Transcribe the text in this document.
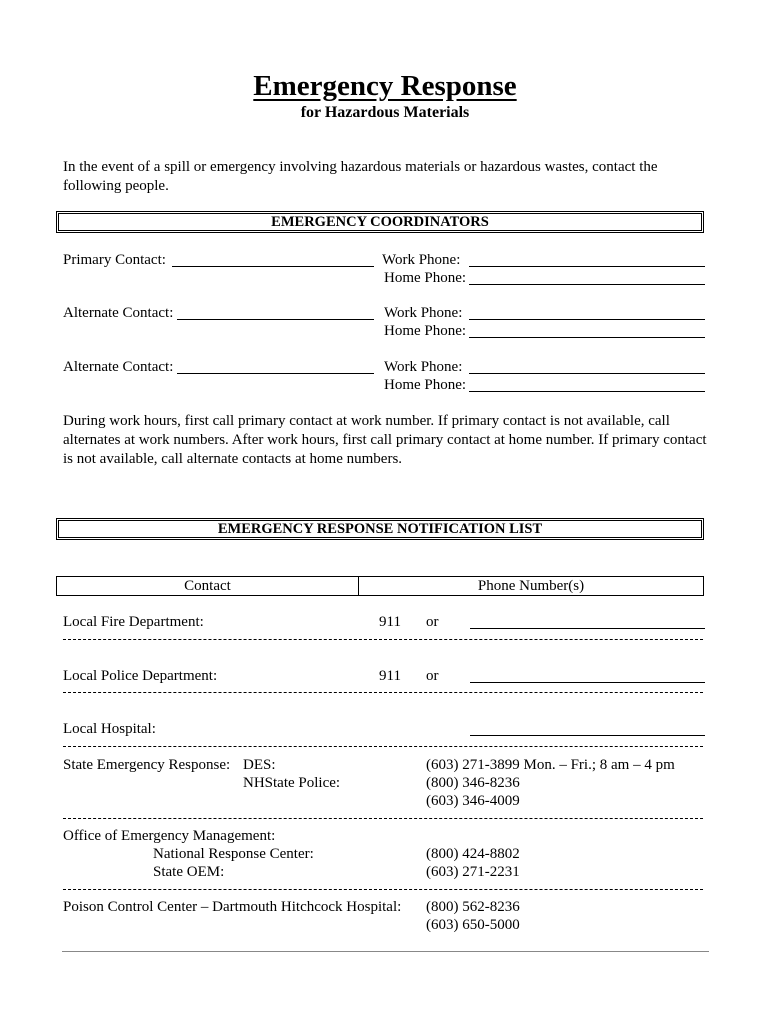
Emergency Response
for Hazardous Materials
In the event of a spill or emergency involving hazardous materials or hazardous wastes, contact the following people.
EMERGENCY COORDINATORS
Primary Contact:	Work Phone:
Home Phone:
Alternate Contact:	Work Phone:
Home Phone:
Alternate Contact:	Work Phone:
Home Phone:
During work hours, first call primary contact at work number. If primary contact is not available, call alternates at work numbers. After work hours, first call primary contact at home number. If primary contact is not available, call alternate contacts at home numbers.
EMERGENCY RESPONSE NOTIFICATION LIST
Contact	Phone Number(s)
Local Fire Department:	911 or
Local Police Department:	911 or
Local Hospital:
State Emergency Response: DES:	(603) 271-3899 Mon. – Fri.; 8 am – 4 pm
NHState Police:	(800) 346-8236
(603) 346-4009
Office of Emergency Management:
National Response Center:	(800) 424-8802
State OEM:	(603) 271-2231
Poison Control Center – Dartmouth Hitchcock Hospital: (800) 562-8236
(603) 650-5000
